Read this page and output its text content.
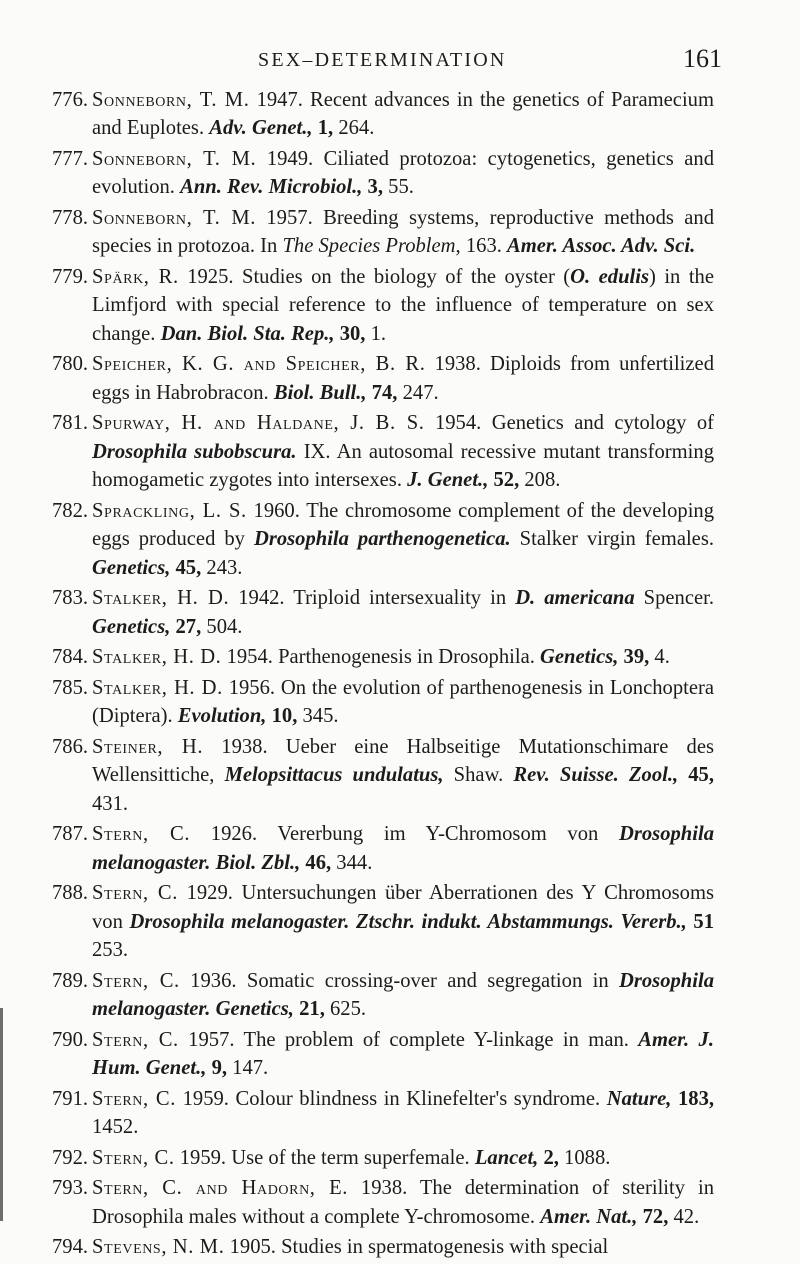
SEX–DETERMINATION	161
776. Sonneborn, T. M. 1947. Recent advances in the genetics of Paramecium and Euplotes. Adv. Genet., 1, 264.
777. Sonneborn, T. M. 1949. Ciliated protozoa: cytogenetics, genetics and evolution. Ann. Rev. Microbiol., 3, 55.
778. Sonneborn, T. M. 1957. Breeding systems, reproductive methods and species in protozoa. In The Species Problem, 163. Amer. Assoc. Adv. Sci.
779. Spärk, R. 1925. Studies on the biology of the oyster (O. edulis) in the Limfjord with special reference to the influence of temperature on sex change. Dan. Biol. Sta. Rep., 30, 1.
780. Speicher, K. G. and Speicher, B. R. 1938. Diploids from unfertilized eggs in Habrobracon. Biol. Bull., 74, 247.
781. Spurway, H. and Haldane, J. B. S. 1954. Genetics and cytology of Drosophila subobscura. IX. An autosomal recessive mutant transforming homogametic zygotes into intersexes. J. Genet., 52, 208.
782. Sprackling, L. S. 1960. The chromosome complement of the developing eggs produced by Drosophila parthenogenetica. Stalker virgin females. Genetics, 45, 243.
783. Stalker, H. D. 1942. Triploid intersexuality in D. americana Spencer. Genetics, 27, 504.
784. Stalker, H. D. 1954. Parthenogenesis in Drosophila. Genetics, 39, 4.
785. Stalker, H. D. 1956. On the evolution of parthenogenesis in Lonchoptera (Diptera). Evolution, 10, 345.
786. Steiner, H. 1938. Ueber eine Halbseitige Mutationschimare des Wellensittiche, Melopsittacus undulatus, Shaw. Rev. Suisse. Zool., 45, 431.
787. Stern, C. 1926. Vererbung im Y-Chromosom von Drosophila melanogaster. Biol. Zbl., 46, 344.
788. Stern, C. 1929. Untersuchungen über Aberrationen des Y Chromosoms von Drosophila melanogaster. Ztschr. indukt. Abstammungs. Vererb., 51 253.
789. Stern, C. 1936. Somatic crossing-over and segregation in Drosophila melanogaster. Genetics, 21, 625.
790. Stern, C. 1957. The problem of complete Y-linkage in man. Amer. J. Hum. Genet., 9, 147.
791. Stern, C. 1959. Colour blindness in Klinefelter's syndrome. Nature, 183, 1452.
792. Stern, C. 1959. Use of the term superfemale. Lancet, 2, 1088.
793. Stern, C. and Hadorn, E. 1938. The determination of sterility in Drosophila males without a complete Y-chromosome. Amer. Nat., 72, 42.
794. Stevens, N. M. 1905. Studies in spermatogenesis with special
